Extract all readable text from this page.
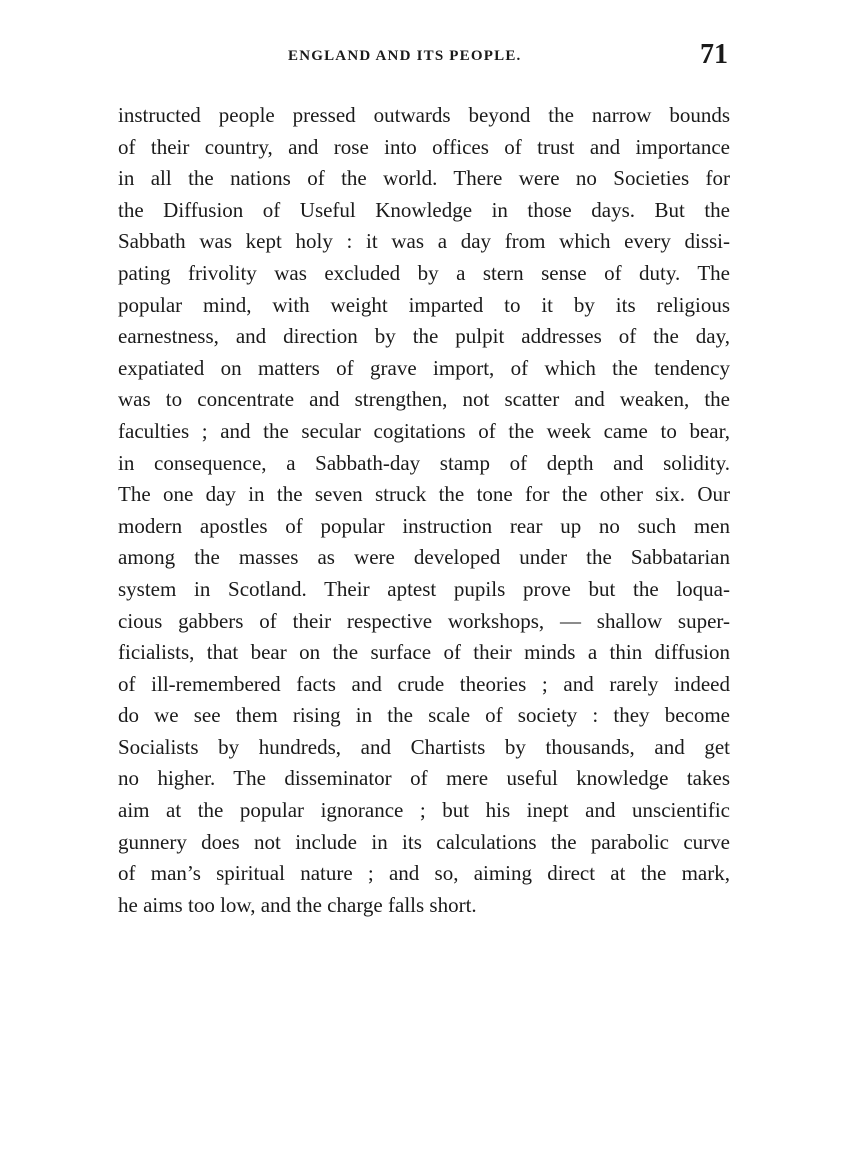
ENGLAND AND ITS PEOPLE.	71
instructed people pressed outwards beyond the narrow bounds
of their country, and rose into offices of trust and importance
in all the nations of the world. There were no Societies for
the Diffusion of Useful Knowledge in those days. But the
Sabbath was kept holy : it was a day from which every dissi-
pating frivolity was excluded by a stern sense of duty. The
popular mind, with weight imparted to it by its religious
earnestness, and direction by the pulpit addresses of the day,
expatiated on matters of grave import, of which the tendency
was to concentrate and strengthen, not scatter and weaken, the
faculties ; and the secular cogitations of the week came to bear,
in consequence, a Sabbath-day stamp of depth and solidity.
The one day in the seven struck the tone for the other six. Our
modern apostles of popular instruction rear up no such men
among the masses as were developed under the Sabbatarian
system in Scotland. Their aptest pupils prove but the loqua-
cious gabbers of their respective workshops, — shallow super-
ficialists, that bear on the surface of their minds a thin diffusion
of ill-remembered facts and crude theories ; and rarely indeed
do we see them rising in the scale of society : they become
Socialists by hundreds, and Chartists by thousands, and get
no higher. The disseminator of mere useful knowledge takes
aim at the popular ignorance ; but his inept and unscientific
gunnery does not include in its calculations the parabolic curve
of man’s spiritual nature ; and so, aiming direct at the mark,
he aims too low, and the charge falls short.
